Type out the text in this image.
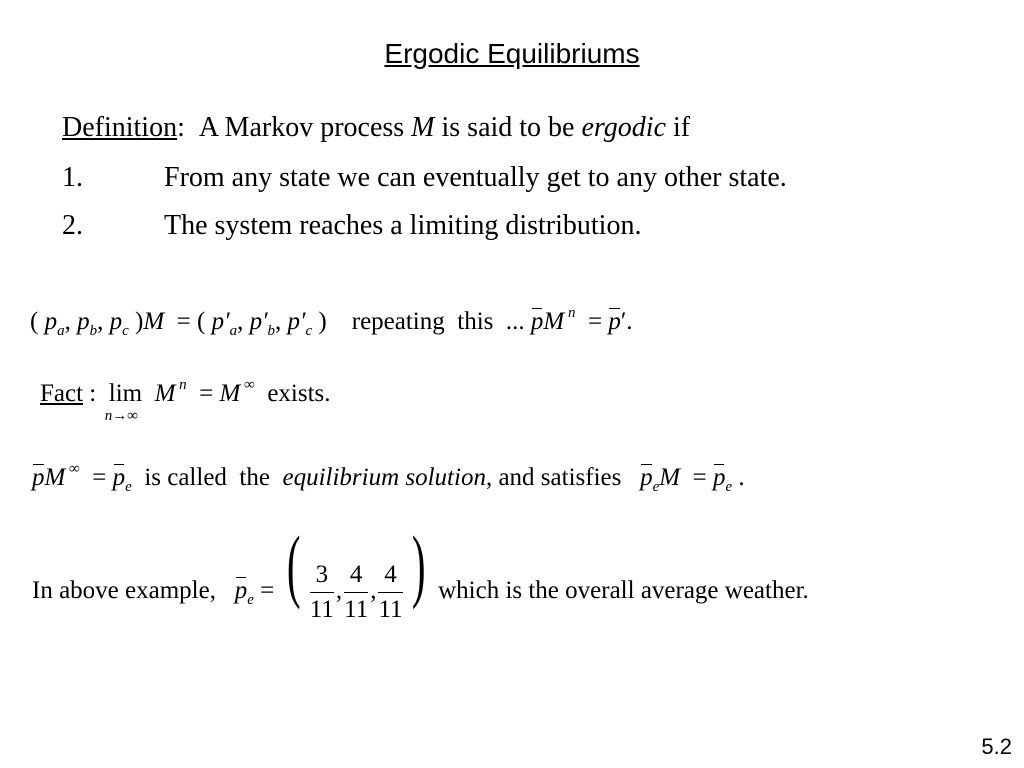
Ergodic Equilibriums
Definition: A Markov process M is said to be ergodic if
1.	From any state we can eventually get to any other state.
2.	The system reaches a limiting distribution.
( $p_a$, $p_b$, $p_c$ )M  = ( $p'_a$, $p'_b$, $p'_c$ )    repeating this ... pM $^n$  = p′.
Fact : lim
n→∞
M $^n$  = M ∞ exists.
pM $^\infty = p_e$ is called the equilibrium solution, and satisfies $p_eM = p_e$ .
In above example, $p_e$ = ( $\frac{3}{11}$ , $\frac{4}{11}$ , $\frac{4}{11}$ ) which is the overall average weather.
5.2
